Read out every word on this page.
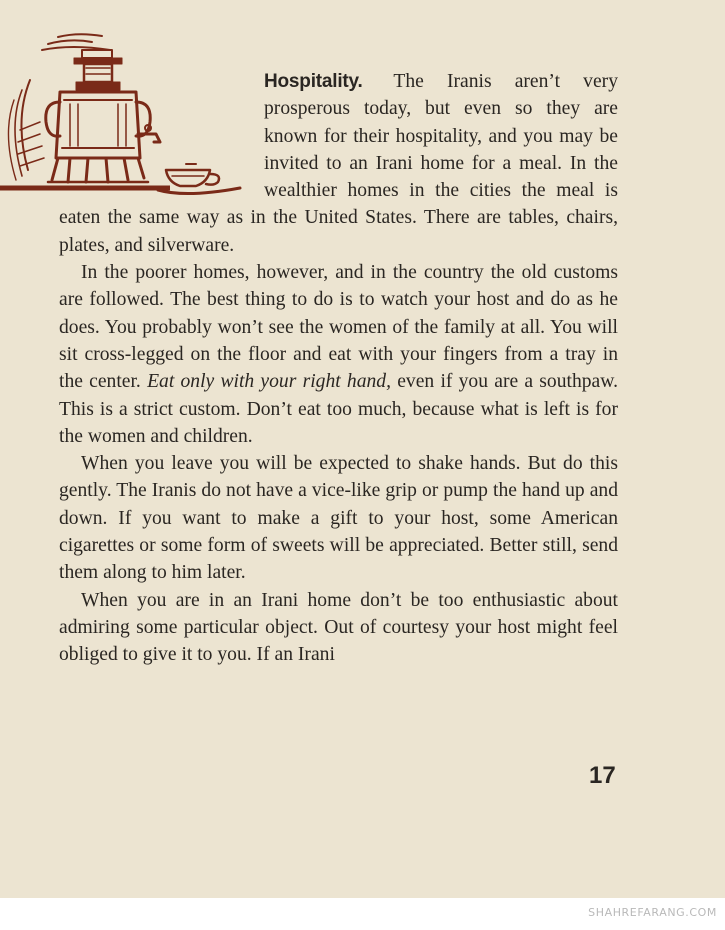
Hospitality. The Iranis aren’t very prosperous today, but even so they are known for their hospitality, and you may be invited to an Irani home for a meal. In the wealthier homes in the cities the meal is eaten the same way as in the United States. There are tables, chairs, plates, and silverware.

In the poorer homes, however, and in the country the old customs are followed. The best thing to do is to watch your host and do as he does. You probably won’t see the women of the family at all. You will sit cross-legged on the floor and eat with your fingers from a tray in the center. Eat only with your right hand, even if you are a southpaw. This is a strict custom. Don’t eat too much, because what is left is for the women and children.

When you leave you will be expected to shake hands. But do this gently. The Iranis do not have a vice-like grip or pump the hand up and down. If you want to make a gift to your host, some American cigarettes or some form of sweets will be appreciated. Better still, send them along to him later.

When you are in an Irani home don’t be too enthusiastic about admiring some particular object. Out of courtesy your host might feel obliged to give it to you. If an Irani

17
SHAHREFARANG.COM
